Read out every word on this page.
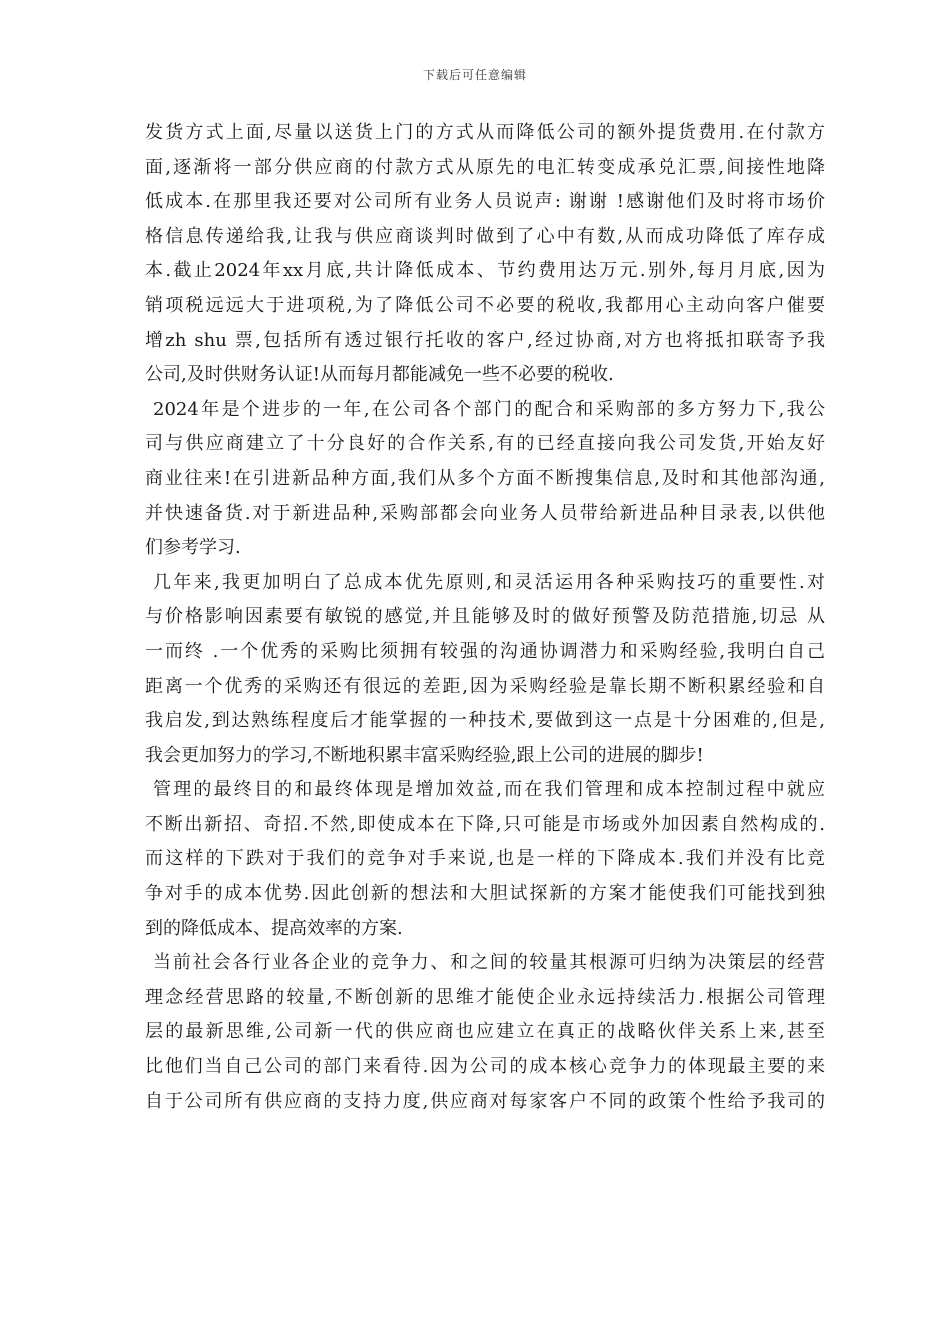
下载后可任意编辑
发货方式上面,尽量以送货上门的方式从而降低公司的额外提货费用.在付款方
面,逐渐将一部分供应商的付款方式从原先的电汇转变成承兑汇票,间接性地降
低成本.在那里我还要对公司所有业务人员说声: 谢谢 !感谢他们及时将市场价
格信息传递给我,让我与供应商谈判时做到了心中有数,从而成功降低了库存成
本.截止2024年xx月底,共计降低成本、节约费用达万元.别外,每月月底,因为
销项税远远大于进项税,为了降低公司不必要的税收,我都用心主动向客户催要
增zh shu 票,包括所有透过银行托收的客户,经过协商,对方也将抵扣联寄予我
公司,及时供财务认证!从而每月都能减免一些不必要的税收.
2024年是个进步的一年,在公司各个部门的配合和采购部的多方努力下,我公
司与供应商建立了十分良好的合作关系,有的已经直接向我公司发货,开始友好
商业往来!在引进新品种方面,我们从多个方面不断搜集信息,及时和其他部沟通,
并快速备货.对于新进品种,采购部都会向业务人员带给新进品种目录表,以供他
们参考学习.
几年来,我更加明白了总成本优先原则,和灵活运用各种采购技巧的重要性.对
与价格影响因素要有敏锐的感觉,并且能够及时的做好预警及防范措施,切忌 从
一而终 .一个优秀的采购比须拥有较强的沟通协调潜力和采购经验,我明白自己
距离一个优秀的采购还有很远的差距,因为采购经验是靠长期不断积累经验和自
我启发,到达熟练程度后才能掌握的一种技术,要做到这一点是十分困难的,但是,
我会更加努力的学习,不断地积累丰富采购经验,跟上公司的进展的脚步!
管理的最终目的和最终体现是增加效益,而在我们管理和成本控制过程中就应
不断出新招、奇招.不然,即使成本在下降,只可能是市场或外加因素自然构成的.
而这样的下跌对于我们的竞争对手来说,也是一样的下降成本.我们并没有比竞
争对手的成本优势.因此创新的想法和大胆试探新的方案才能使我们可能找到独
到的降低成本、提高效率的方案.
当前社会各行业各企业的竞争力、和之间的较量其根源可归纳为决策层的经营
理念经营思路的较量,不断创新的思维才能使企业永远持续活力.根据公司管理
层的最新思维,公司新一代的供应商也应建立在真正的战略伙伴关系上来,甚至
比他们当自己公司的部门来看待.因为公司的成本核心竞争力的体现最主要的来
自于公司所有供应商的支持力度,供应商对每家客户不同的政策个性给予我司的
